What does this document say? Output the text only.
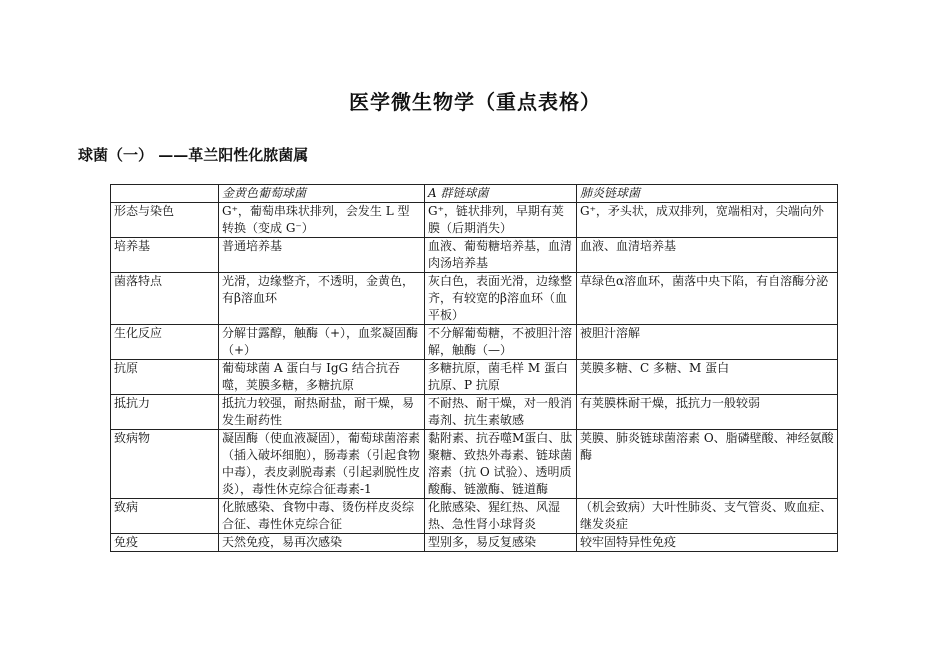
医学微生物学（重点表格）
球菌（一） ——革兰阳性化脓菌属
	金黄色葡萄球菌	A 群链球菌	肺炎链球菌
形态与染色	G⁺，葡萄串珠状排列，会发生 L 型转换（变成 G⁻）	G⁺，链状排列，早期有荚膜（后期消失）	G⁺，矛头状，成双排列，宽端相对，尖端向外
培养基	普通培养基	血液、葡萄糖培养基，血清肉汤培养基	血液、血清培养基
菌落特点	光滑，边缘整齐，不透明，金黄色，有β溶血环	灰白色，表面光滑，边缘整齐，有较宽的β溶血环（血平板）	草绿色α溶血环，菌落中央下陷，有自溶酶分泌
生化反应	分解甘露醇，触酶（+），血浆凝固酶（+）	不分解葡萄糖，不被胆汁溶解，触酶（—）	被胆汁溶解
抗原	葡萄球菌 A 蛋白与 IgG 结合抗吞噬，荚膜多糖，多糖抗原	多糖抗原，菌毛样 M 蛋白抗原、P 抗原	荚膜多糖、C 多糖、M 蛋白
抵抗力	抵抗力较强，耐热耐盐，耐干燥，易发生耐药性	不耐热、耐干燥，对一般消毒剂、抗生素敏感	有荚膜株耐干燥，抵抗力一般较弱
致病物	凝固酶（使血液凝固），葡萄球菌溶素（插入破坏细胞），肠毒素（引起食物中毒），表皮剥脱毒素（引起剥脱性皮炎），毒性休克综合征毒素-1	黏附素、抗吞噬M蛋白、肽聚糖、致热外毒素、链球菌溶素（抗 O 试验）、透明质酸酶、链激酶、链道酶	荚膜、肺炎链球菌溶素 O、脂磷壁酸、神经氨酸酶
致病	化脓感染、食物中毒、烫伤样皮炎综合征、毒性休克综合征	化脓感染、猩红热、风湿热、急性肾小球肾炎	（机会致病）大叶性肺炎、支气管炎、败血症、继发炎症
免疫	天然免疫，易再次感染	型别多，易反复感染	较牢固特异性免疫
